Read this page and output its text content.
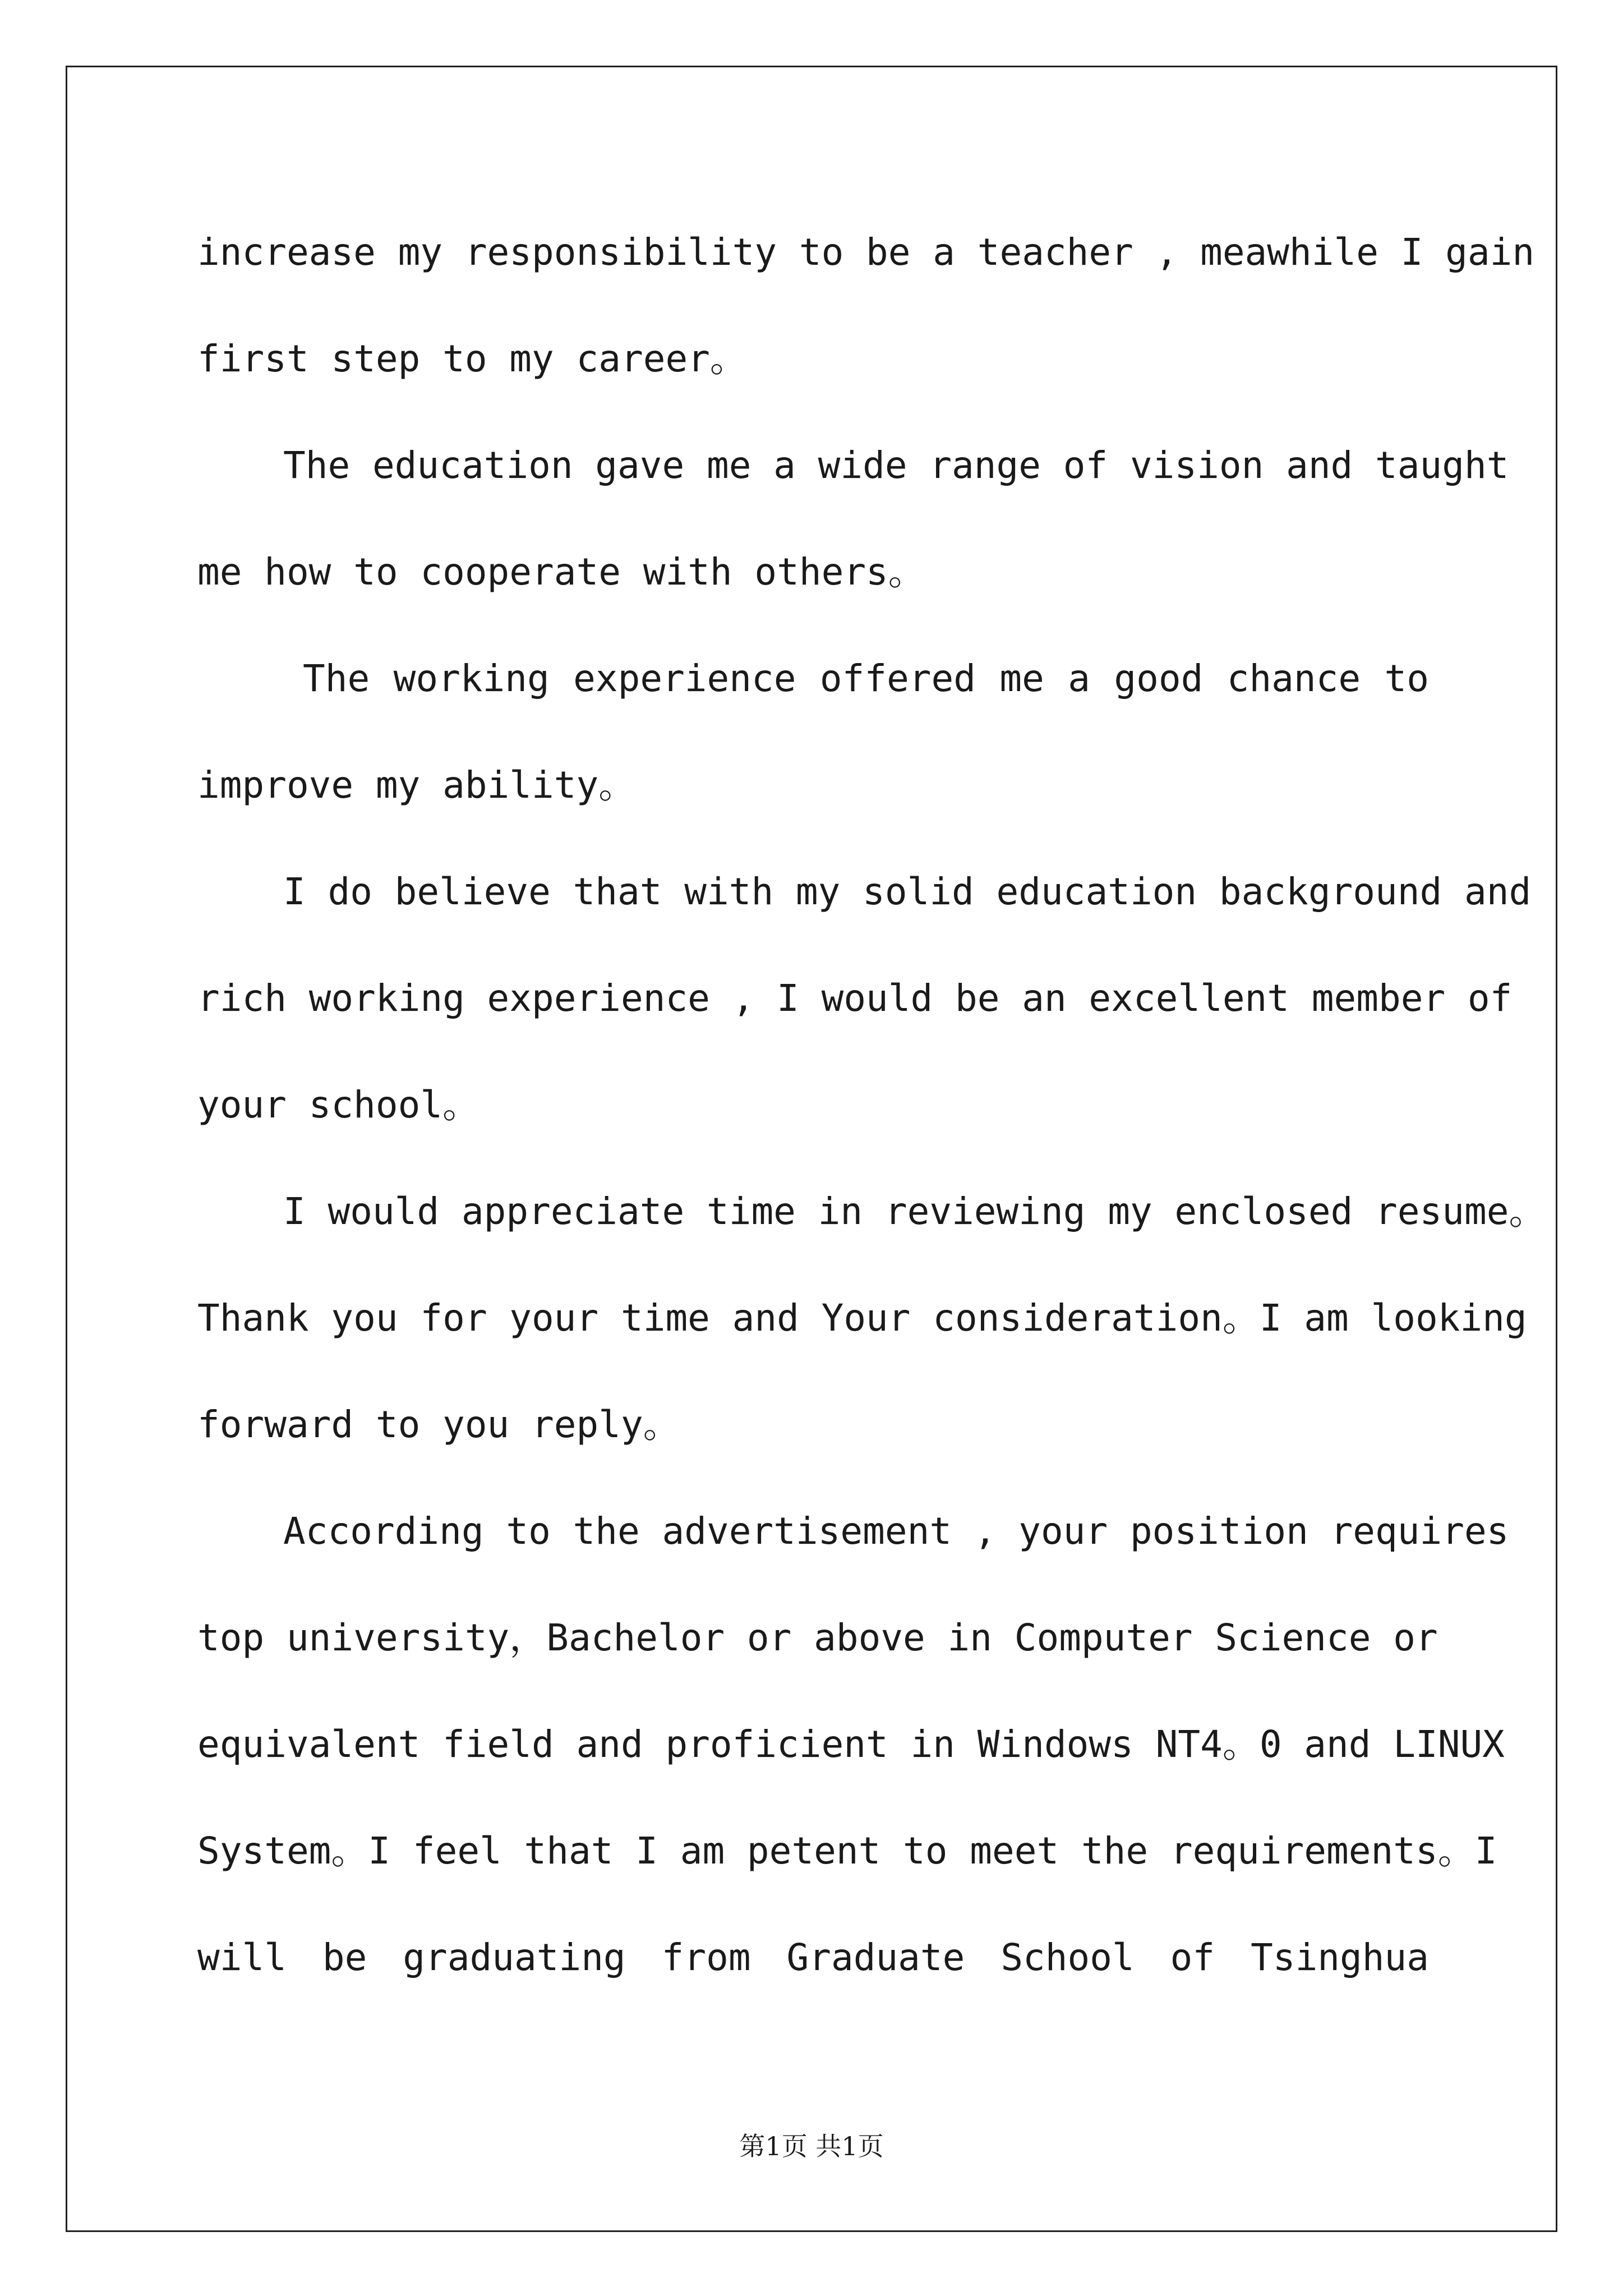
increase my responsibility to be a teacher , meawhile I gain
first step to my career。
The education gave me a wide range of vision and taught
me how to cooperate with others。
The working experience offered me a good chance to
improve my ability。
I do believe that with my solid education background and
rich working experience , I would be an excellent member of
your school。
I would appreciate time in reviewing my enclosed resume。
Thank you for your time and Your consideration。I am looking
forward to you reply。
According to the advertisement , your position requires
top university，Bachelor or above in Computer Science or
equivalent field and proficient in Windows NT4。0 and LINUX
System。I feel that I am petent to meet the requirements。I
will be graduating from Graduate School of Tsinghua
第1页 共1页
